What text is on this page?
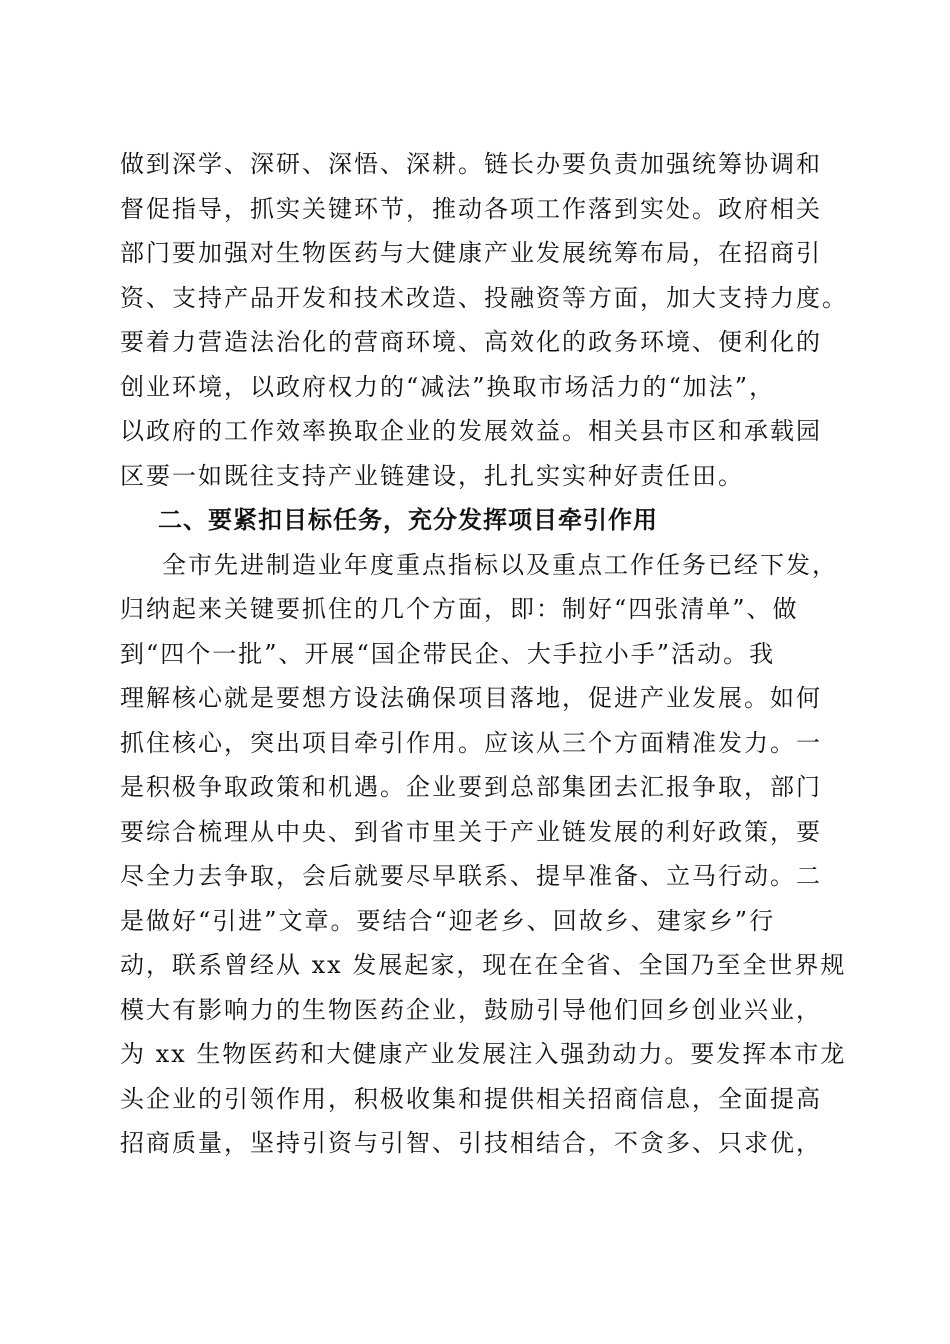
做到深学、深研、深悟、深耕。链长办要负责加强统筹协调和
督促指导，抓实关键环节，推动各项工作落到实处。政府相关
部门要加强对生物医药与大健康产业发展统筹布局，在招商引
资、支持产品开发和技术改造、投融资等方面，加大支持力度。
要着力营造法治化的营商环境、高效化的政务环境、便利化的
创业环境，以政府权力的“减法”换取市场活力的“加法”，
以政府的工作效率换取企业的发展效益。相关县市区和承载园
区要一如既往支持产业链建设，扎扎实实种好责任田。
二、要紧扣目标任务，充分发挥项目牵引作用
全市先进制造业年度重点指标以及重点工作任务已经下发，
归纳起来关键要抓住的几个方面，即：制好“四张清单”、做
到“四个一批”、开展“国企带民企、大手拉小手”活动。我
理解核心就是要想方设法确保项目落地，促进产业发展。如何
抓住核心，突出项目牵引作用。应该从三个方面精准发力。一
是积极争取政策和机遇。企业要到总部集团去汇报争取，部门
要综合梳理从中央、到省市里关于产业链发展的利好政策，要
尽全力去争取，会后就要尽早联系、提早准备、立马行动。二
是做好“引进”文章。要结合“迎老乡、回故乡、建家乡”行
动，联系曾经从 xx 发展起家，现在在全省、全国乃至全世界规
模大有影响力的生物医药企业，鼓励引导他们回乡创业兴业，
为 xx 生物医药和大健康产业发展注入强劲动力。要发挥本市龙
头企业的引领作用，积极收集和提供相关招商信息，全面提高
招商质量，坚持引资与引智、引技相结合，不贪多、只求优，
